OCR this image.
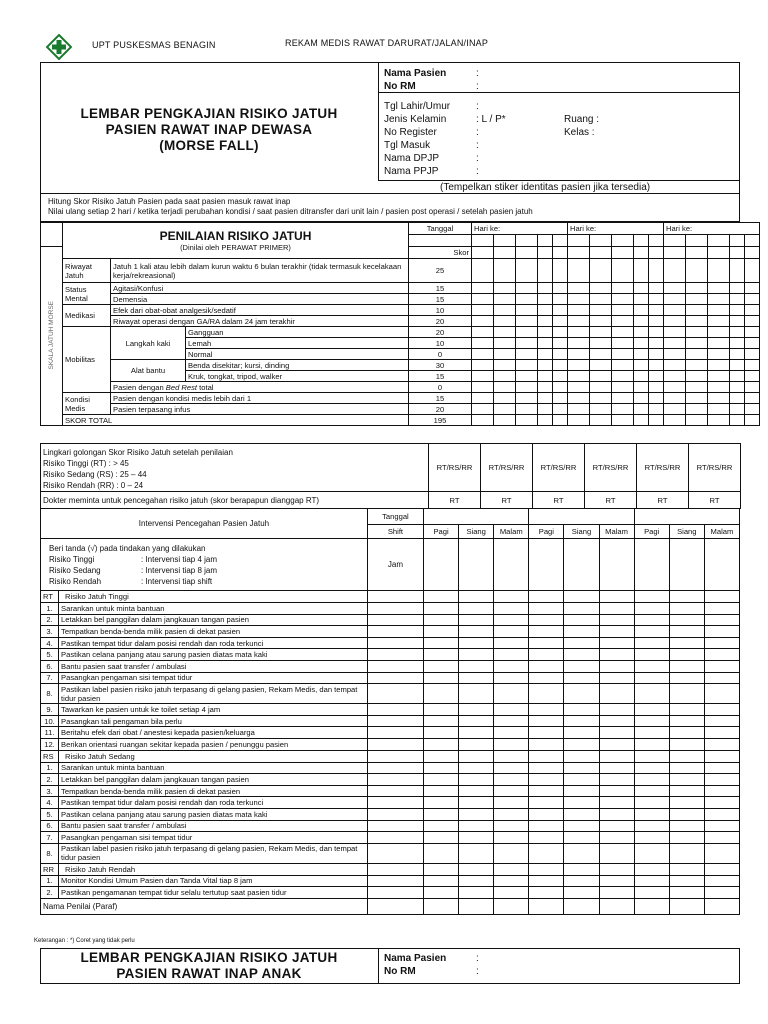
UPT PUSKESMAS BENAGIN	REKAM MEDIS RAWAT DARURAT/JALAN/INAP
LEMBAR PENGKAJIAN RISIKO JATUH
PASIEN RAWAT INAP DEWASA
(MORSE FALL)
Nama Pasien	:
No RM	:
Tgl Lahir/Umur	:
Jenis Kelamin	: L / P*	Ruang :
No Register	:	Kelas :
Tgl Masuk	:
Nama DPJP	:
Nama PPJP	:
(Tempelkan stiker identitas pasien jika tersedia)
Hitung Skor Risiko Jatuh Pasien pada saat pasien masuk rawat inap
Nilai ulang setiap 2 hari / ketika terjadi perubahan kondisi / saat pasien ditransfer dari unit lain / pasien post operasi / setelah pasien jatuh

	PENILAIAN RISIKO JATUH
(Dinilai oleh PERAWAT PRIMER)			Tanggal	Hari ke:					Hari ke:					Hari ke:				

SKALA JATUH MORSE				Skor															
	Riwayat Jatuh	Jatuh 1 kali atau lebih dalam kurun waktu 6 bulan terakhir (tidak termasuk kecelakaan kerja/rekreasional)		25															
	Status Mental	Agitasi/Konfusi		15															
		Demensia		15															
	Medikasi	Efek dari obat-obat analgesik/sedatif		10															
		Riwayat operasi dengan GA/RA dalam 24 jam terakhir		20															
	Mobilitas	Langkah kaki	Gangguan	20															
			Lemah	10															
			Normal	0															
		Alat bantu	Benda disekitar; kursi, dinding	30															
			Kruk, tongkat, tripod, walker	15															
		Pasien dengan Bed Rest total		0															
	Kondisi Medis	Pasien dengan kondisi medis lebih dari 1		15															
		Pasien terpasang infus		20															
	SKOR TOTAL			195															
Lingkari golongan Skor Risiko Jatuh setelah penilaian
Risiko Tinggi (RT) : > 45
Risiko Sedang (RS) : 25 – 44
Risiko Rendah (RR) : 0 – 24	RT/RS/RR	RT/RS/RR	RT/RS/RR	RT/RS/RR	RT/RS/RR	RT/RS/RR
Dokter meminta untuk pencegahan risiko jatuh (skor berapapun dianggap RT)	RT	RT	RT	RT	RT	RT
Intervensi Pencegahan Pasien Jatuh		Tanggal									
		Shift	Pagi	Siang	Malam	Pagi	Siang	Malam	Pagi	Siang	Malam

Beri tanda (√) pada tindakan yang dilakukan
Risiko Tinggi : Intervensi tiap 4 jam
Risiko Sedang : Intervensi tiap 8 jam
Risiko Rendah : Intervensi tiap shift		Jam									
RT	Risiko Jatuh Tinggi										
1.	Sarankan untuk minta bantuan										
2.	Letakkan bel panggilan dalam jangkauan tangan pasien										
3.	Tempatkan benda-benda milik pasien di dekat pasien										
4.	Pastikan tempat tidur dalam posisi rendah dan roda terkunci										
5.	Pastikan celana panjang atau sarung pasien diatas mata kaki										
6.	Bantu pasien saat transfer / ambulasi										
7.	Pasangkan pengaman sisi tempat tidur										
8.	Pastikan label pasien risiko jatuh terpasang di gelang pasien, Rekam Medis, dan tempat tidur pasien										
9.	Tawarkan ke pasien untuk ke toilet setiap 4 jam										
10.	Pasangkan tali pengaman bila perlu										
11.	Beritahu efek dari obat / anestesi kepada pasien/keluarga										
12.	Berikan orientasi ruangan sekitar kepada pasien / penunggu pasien										
RS	Risiko Jatuh Sedang										
1.	Sarankan untuk minta bantuan										
2.	Letakkan bel panggilan dalam jangkauan tangan pasien										
3.	Tempatkan benda-benda milik pasien di dekat pasien										
4.	Pastikan tempat tidur dalam posisi rendah dan roda terkunci										
5.	Pastikan celana panjang atau sarung pasien diatas mata kaki										
6.	Bantu pasien saat transfer / ambulasi										
7.	Pasangkan pengaman sisi tempat tidur										
8.	Pastikan label pasien risiko jatuh terpasang di gelang pasien, Rekam Medis, dan tempat tidur pasien										
RR	Risiko Jatuh Rendah										
1.	Monitor Kondisi Umum Pasien dan Tanda Vital tiap 8 jam										
2.	Pastikan pengamanan tempat tidur selalu tertutup saat pasien tidur										
Nama Penilai (Paraf)											
Keterangan : *) Coret yang tidak perlu
LEMBAR PENGKAJIAN RISIKO JATUH
PASIEN RAWAT INAP ANAK
Nama Pasien	:
No RM	:
